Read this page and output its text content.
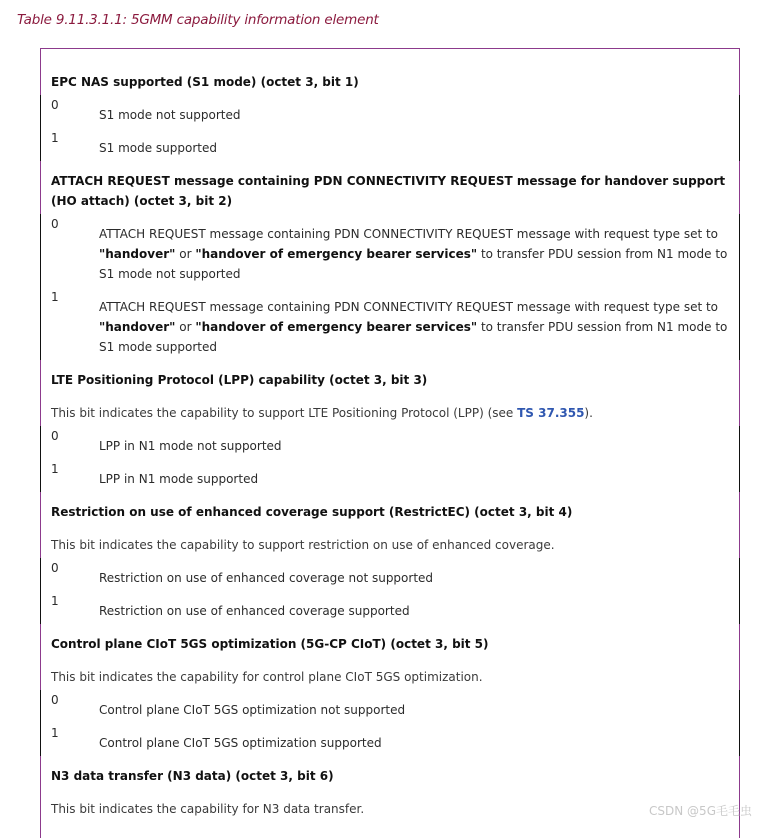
Table 9.11.3.1.1: 5GMM capability information element
EPC NAS supported (S1 mode) (octet 3, bit 1)
0
S1 mode not supported
1
S1 mode supported
ATTACH REQUEST message containing PDN CONNECTIVITY REQUEST message for handover support (HO attach) (octet 3, bit 2)
0
ATTACH REQUEST message containing PDN CONNECTIVITY REQUEST message with request type set to "handover" or "handover of emergency bearer services" to transfer PDU session from N1 mode to S1 mode not supported
1
ATTACH REQUEST message containing PDN CONNECTIVITY REQUEST message with request type set to "handover" or "handover of emergency bearer services" to transfer PDU session from N1 mode to S1 mode supported
LTE Positioning Protocol (LPP) capability (octet 3, bit 3)
This bit indicates the capability to support LTE Positioning Protocol (LPP) (see TS 37.355).
0
LPP in N1 mode not supported
1
LPP in N1 mode supported
Restriction on use of enhanced coverage support (RestrictEC) (octet 3, bit 4)
This bit indicates the capability to support restriction on use of enhanced coverage.
0
Restriction on use of enhanced coverage not supported
1
Restriction on use of enhanced coverage supported
Control plane CIoT 5GS optimization (5G-CP CIoT) (octet 3, bit 5)
This bit indicates the capability for control plane CIoT 5GS optimization.
0
Control plane CIoT 5GS optimization not supported
1
Control plane CIoT 5GS optimization supported
N3 data transfer (N3 data) (octet 3, bit 6)
This bit indicates the capability for N3 data transfer.	CSDN @5G毛毛虫
